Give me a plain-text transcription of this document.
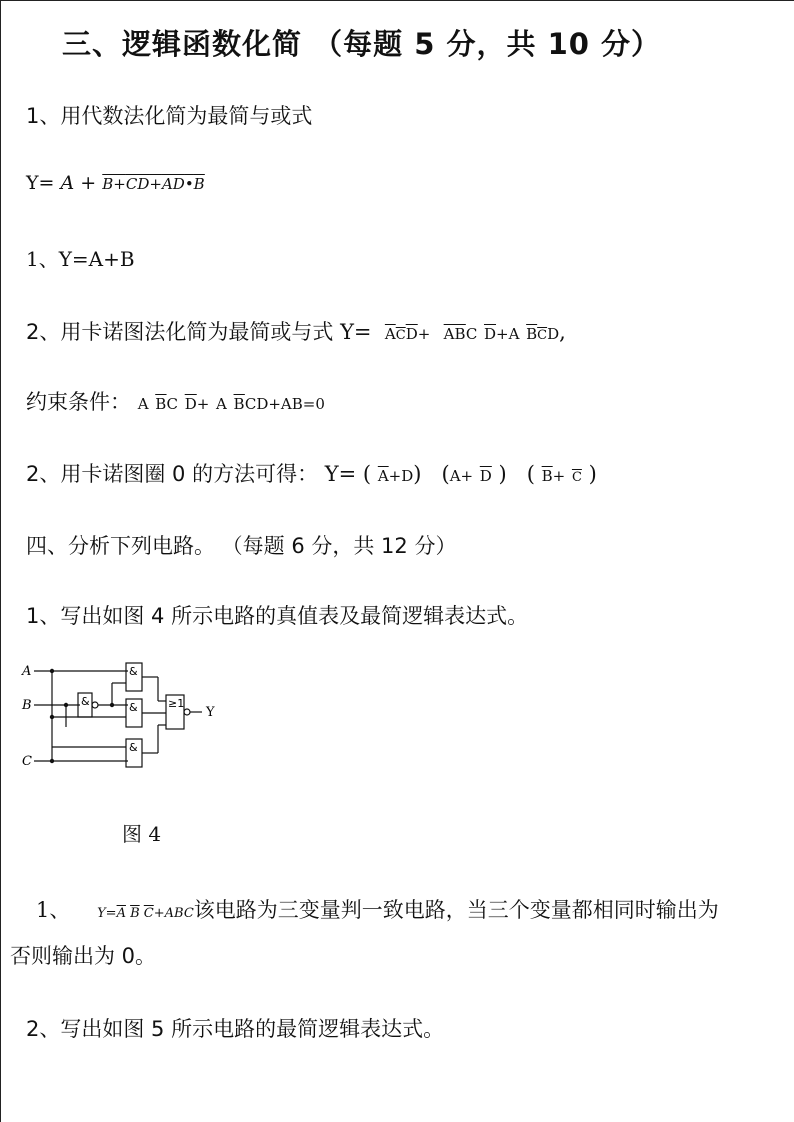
三、逻辑函数化简 （每题 5 分，共 10 分）
1、用代数法化简为最简与或式
Y= A + B+CD+AD•B
1、Y=A+B
2、用卡诺图法化简为最简或与式 $Y= \overline{A}\overline{C}\overline{D}+ \overline{A}\overline{B}C$ $\overline{D}+A$ $\overline{B}\overline{C}D$,
约束条件： A $\overline{B}C$ $\overline{D}+ A$ $\overline{B}CD+AB=0$
2、用卡诺图圈 0 的方法可得： Y= ( $\overline{A}+D$) ($A+ \overline{D}$ ) ( $\overline{B}+ \overline{C}$ )
四、分析下列电路。 （每题 6 分，共 12 分）
1、写出如图 4 所示电路的真值表及最简逻辑表达式。
A
B
C
&
&
&
&
≥1
Y
图 4
1、 $Y=\overline{A}$ $\overline{B}$ $\overline{C}+ABC$该电路为三变量判一致电路，当三个变量都相同时输出为
否则输出为 0。
2、写出如图 5 所示电路的最简逻辑表达式。
